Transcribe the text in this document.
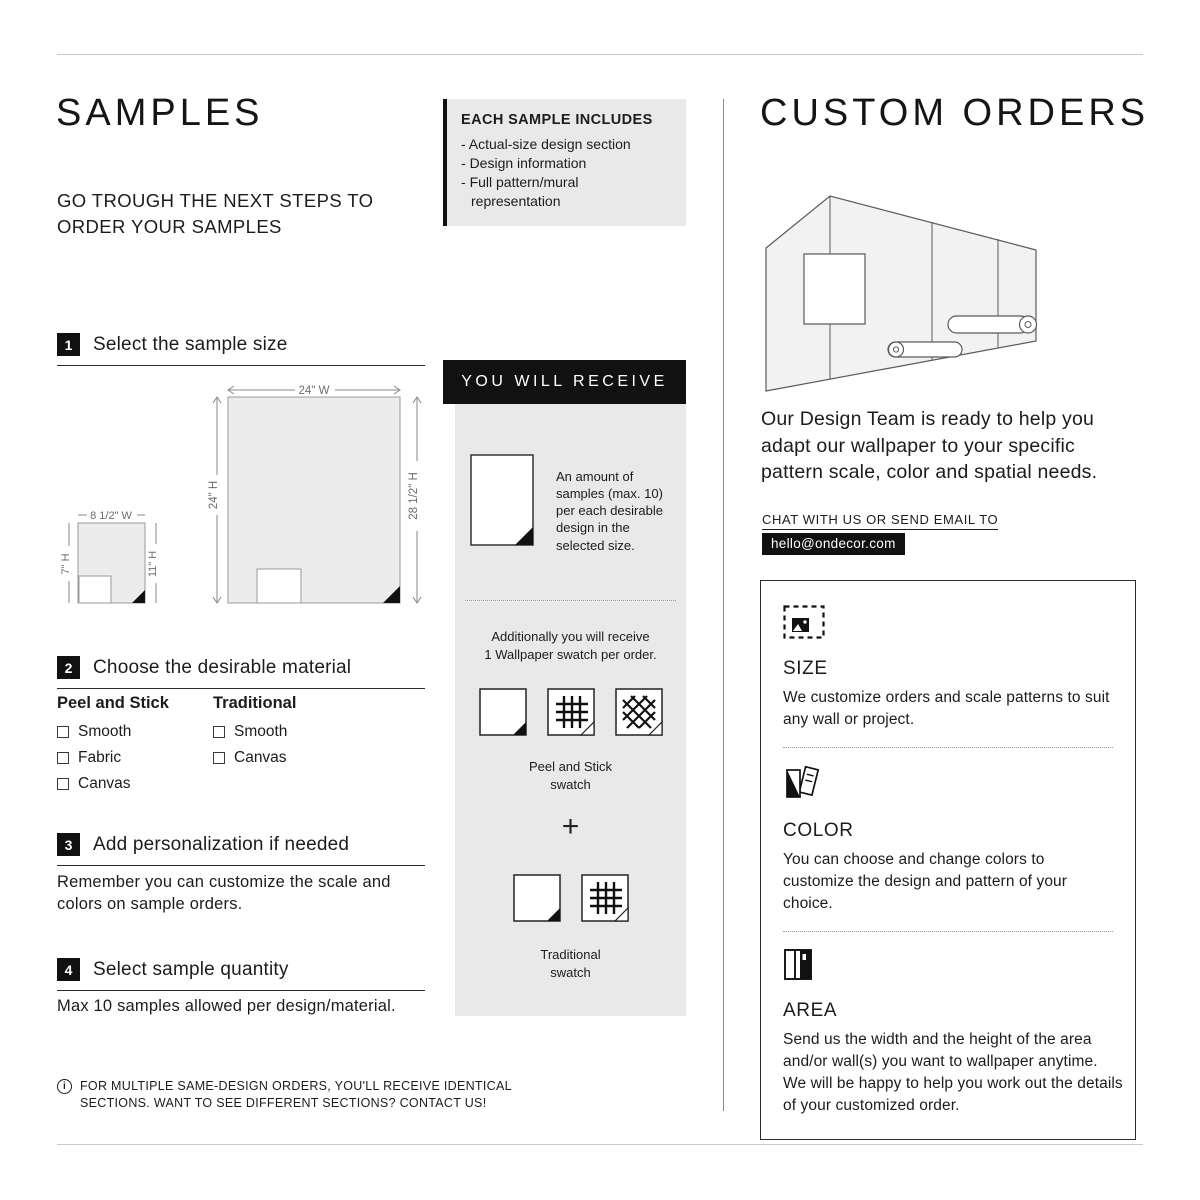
SAMPLES
GO TROUGH THE NEXT STEPS TO ORDER YOUR SAMPLES
1	Select the sample size
24" W
24" H	28 1/2" H
8 1/2" W
7" H	11" H
2	Choose the desirable material
Peel and Stick
Smooth
Fabric
Canvas
Traditional
Smooth
Canvas
3	Add personalization if needed
Remember you can customize the scale and colors on sample orders.
4	Select sample quantity
Max 10 samples allowed per design/material.
i	FOR MULTIPLE SAME-DESIGN ORDERS, YOU'LL RECEIVE IDENTICAL SECTIONS. WANT TO SEE DIFFERENT SECTIONS? CONTACT US!
EACH SAMPLE INCLUDES
- Actual-size design section
- Design information
- Full pattern/mural representation
YOU WILL RECEIVE
An amount of samples (max. 10) per each desirable design in the selected size.
Additionally you will receive
1 Wallpaper swatch per order.
Peel and Stick
swatch
+
Traditional
swatch
CUSTOM ORDERS
Our Design Team is ready to help you adapt our wallpaper to your specific pattern scale, color and spatial needs.
CHAT WITH US OR SEND EMAIL TO
hello@ondecor.com
SIZE
We customize orders and scale patterns to suit any wall or project.
COLOR
You can choose and change colors to customize the design and pattern of your choice.
AREA
Send us the width and the height of the area and/or wall(s) you want to wallpaper anytime. We will be happy to help you work out the details of your customized order.
